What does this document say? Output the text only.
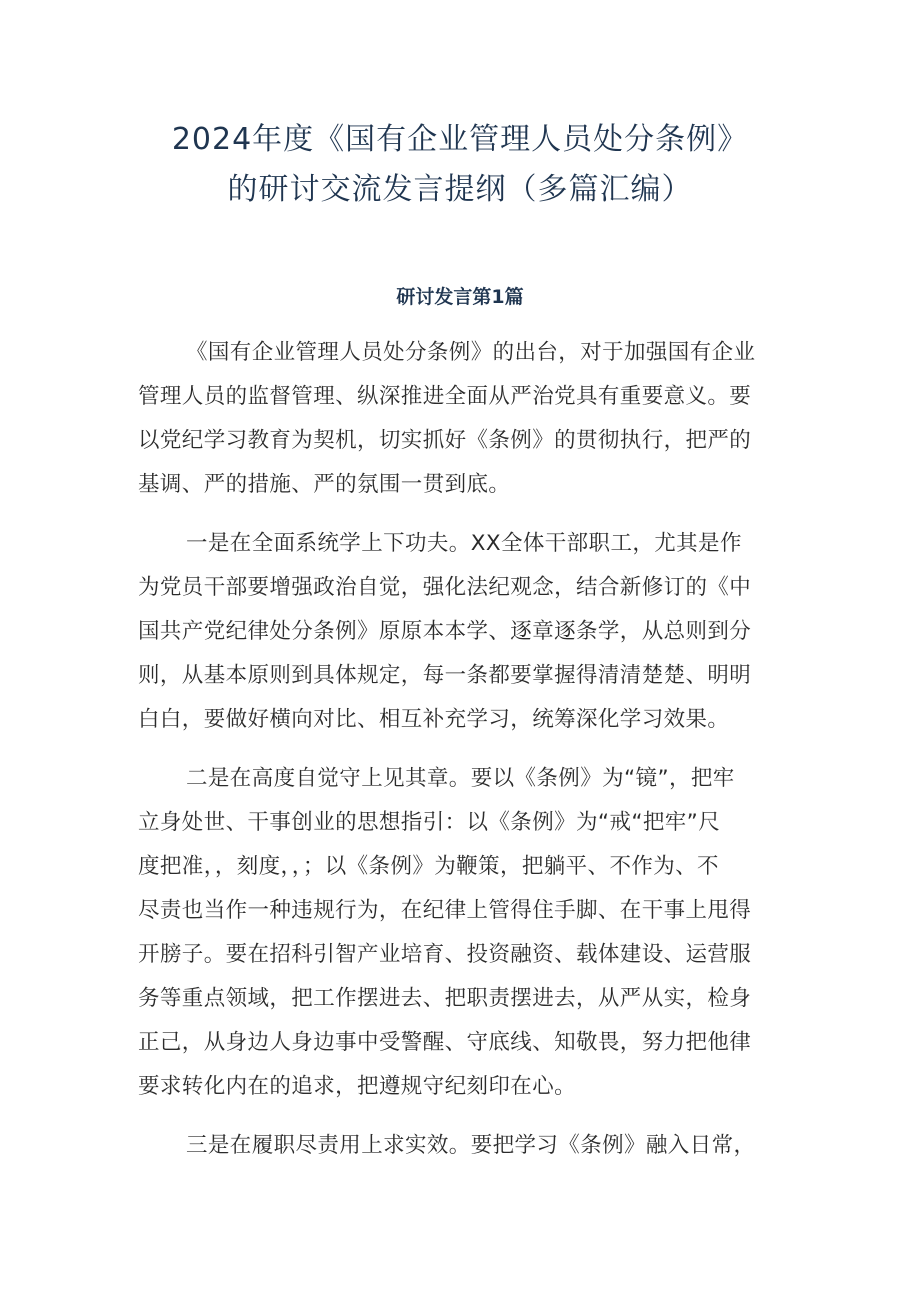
2024年度《国有企业管理人员处分条例》
的研讨交流发言提纲（多篇汇编）
研讨发言第1篇
《国有企业管理人员处分条例》的出台，对于加强国有企业
管理人员的监督管理、纵深推进全面从严治党具有重要意义。要
以党纪学习教育为契机，切实抓好《条例》的贯彻执行，把严的
基调、严的措施、严的氛围一贯到底。
一是在全面系统学上下功夫。XX全体干部职工，尤其是作
为党员干部要增强政治自觉，强化法纪观念，结合新修订的《中
国共产党纪律处分条例》原原本本学、逐章逐条学，从总则到分
则，从基本原则到具体规定，每一条都要掌握得清清楚楚、明明
白白，要做好横向对比、相互补充学习，统筹深化学习效果。
二是在高度自觉守上见其章。要以《条例》为“镜”，把牢
立身处世、干事创业的思想指引：以《条例》为“戒“把牢”尺
度把准，，刻度，，；以《条例》为鞭策，把躺平、不作为、不
尽责也当作一种违规行为，在纪律上管得住手脚、在干事上甩得
开膀子。要在招科引智产业培育、投资融资、载体建设、运营服
务等重点领域，把工作摆进去、把职责摆进去，从严从实，检身
正己，从身边人身边事中受警醒、守底线、知敬畏，努力把他律
要求转化内在的追求，把遵规守纪刻印在心。
三是在履职尽责用上求实效。要把学习《条例》融入日常，
